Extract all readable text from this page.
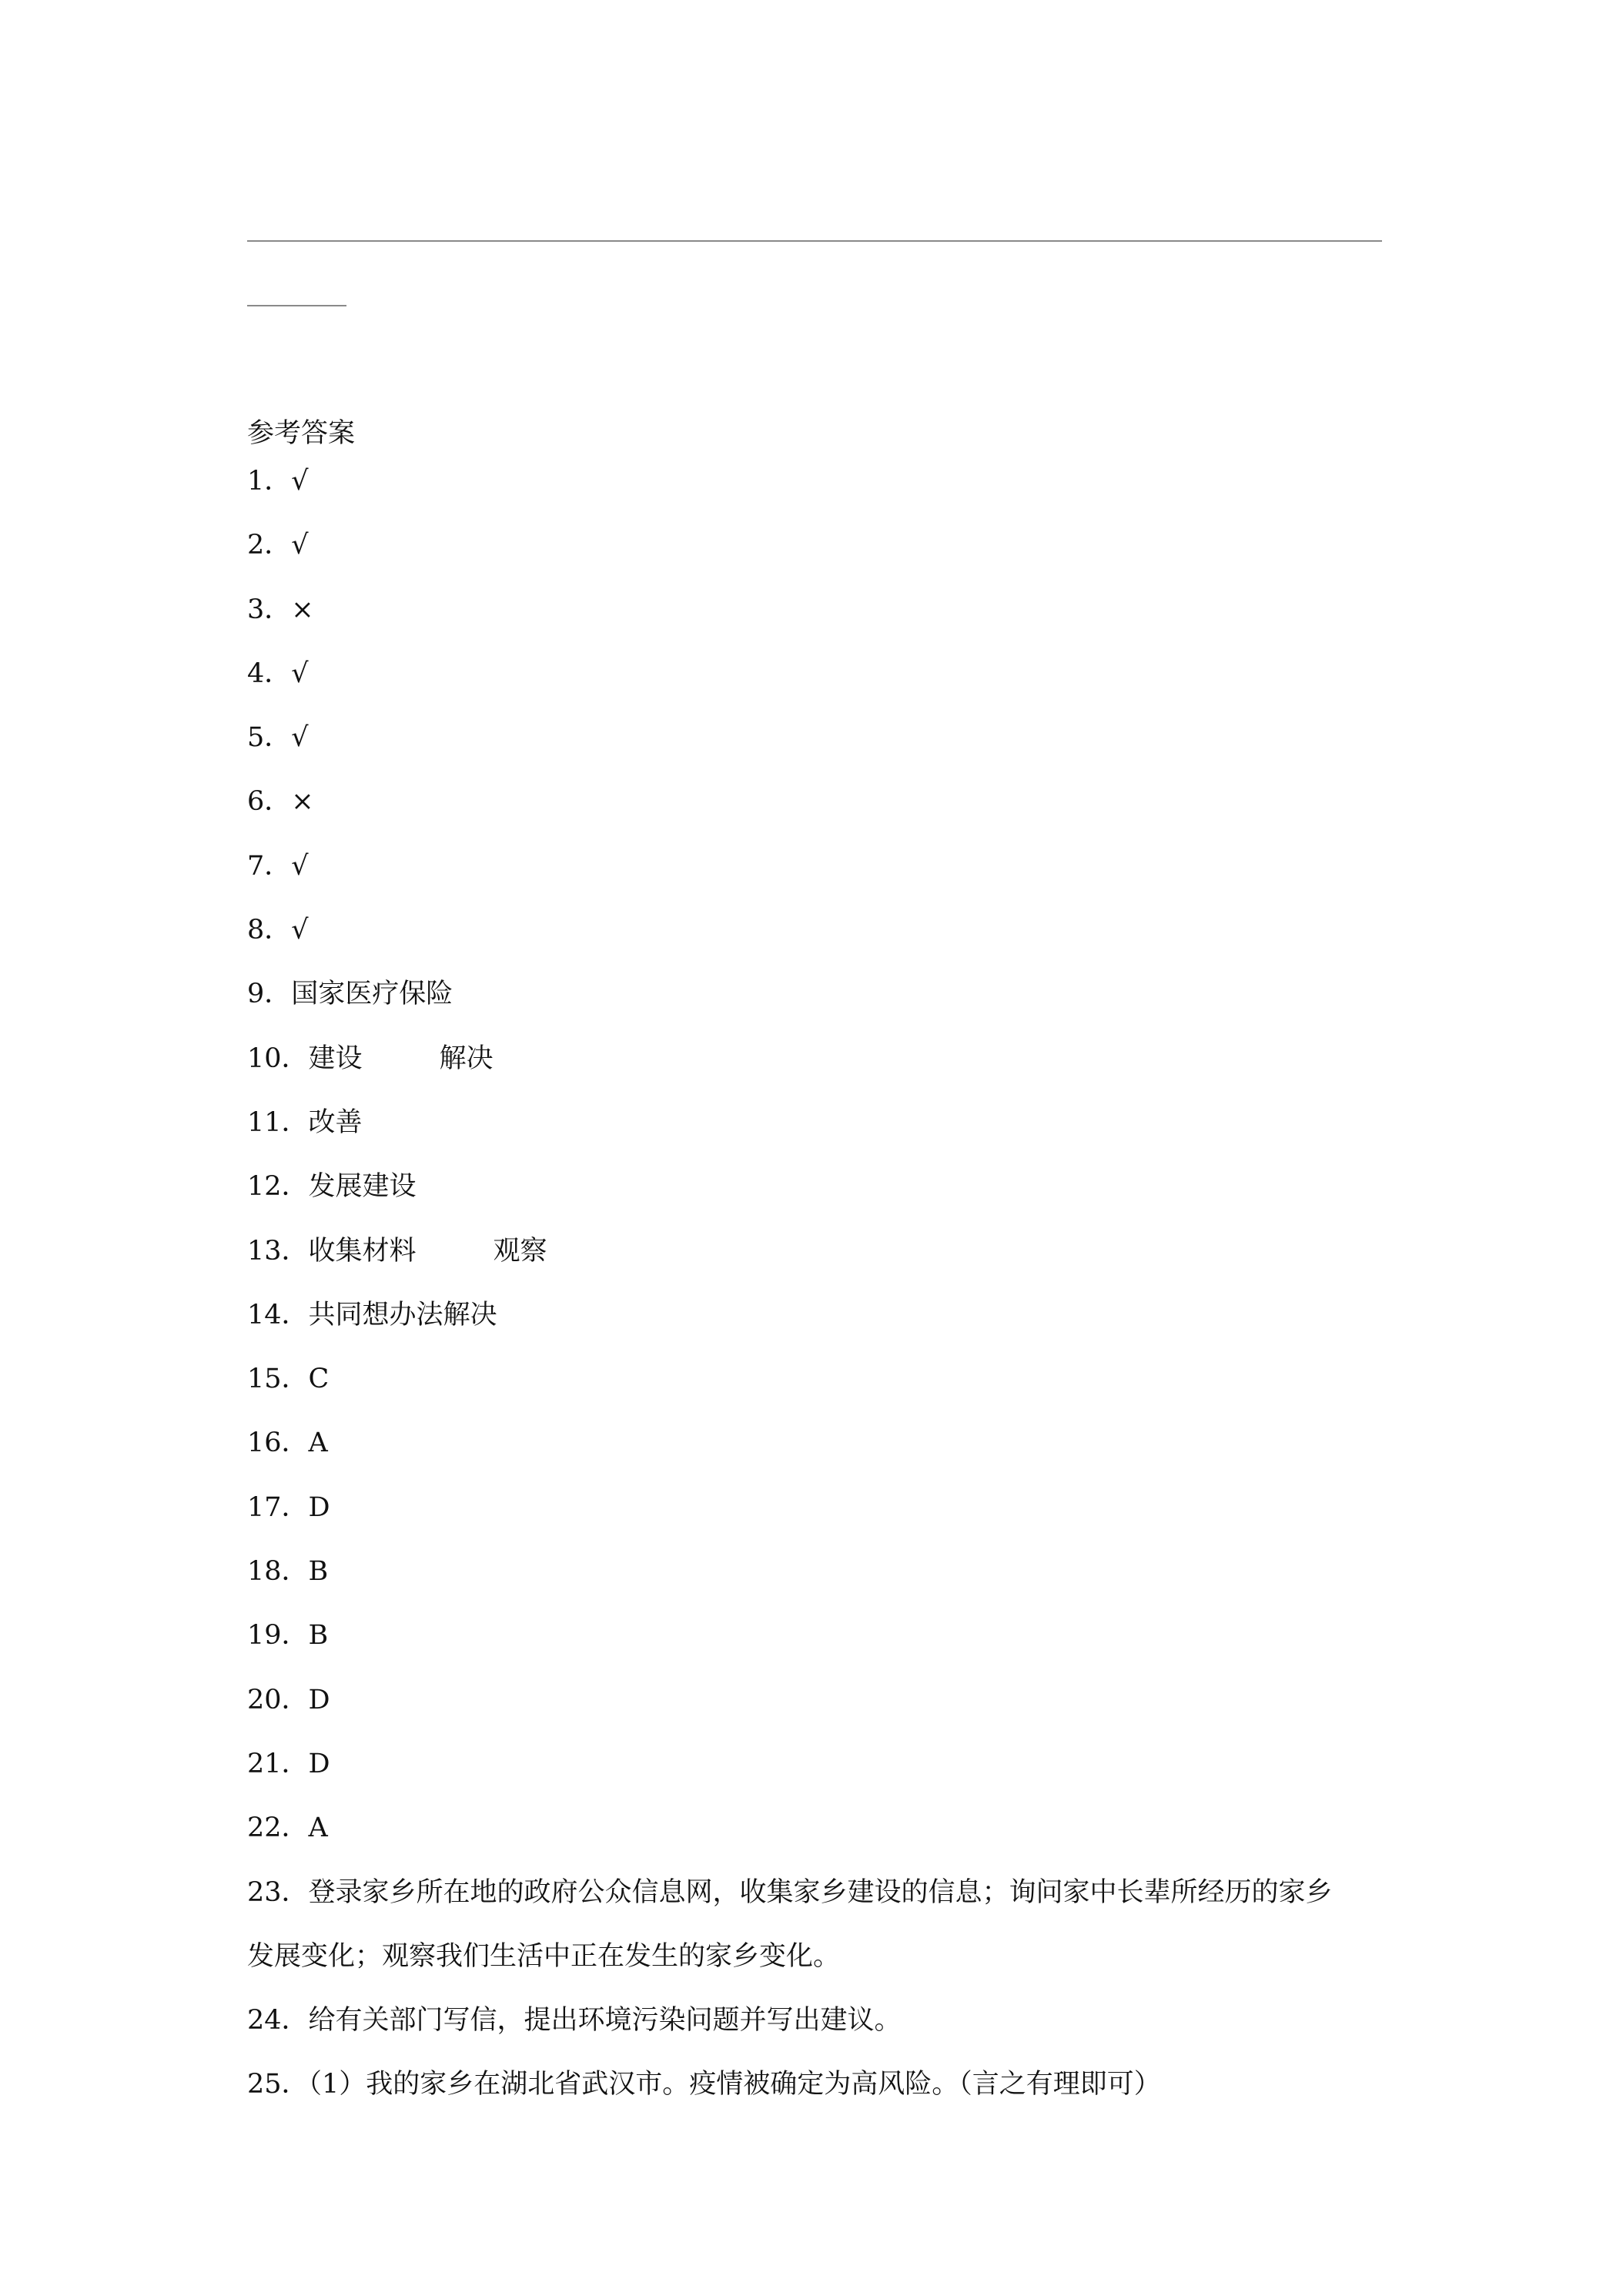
参考答案
1．√
2．√
3．×
4．√
5．√
6．×
7．√
8．√
9．国家医疗保险
10．建设	解决
11．改善
12．发展建设
13．收集材料	观察
14．共同想办法解决
15．C
16．A
17．D
18．B
19．B
20．D
21．D
22．A
23．登录家乡所在地的政府公众信息网，收集家乡建设的信息；询问家中长辈所经历的家乡
发展变化；观察我们生活中正在发生的家乡变化。
24．给有关部门写信，提出环境污染问题并写出建议。
25．（1）我的家乡在湖北省武汉市。疫情被确定为高风险。（言之有理即可）
